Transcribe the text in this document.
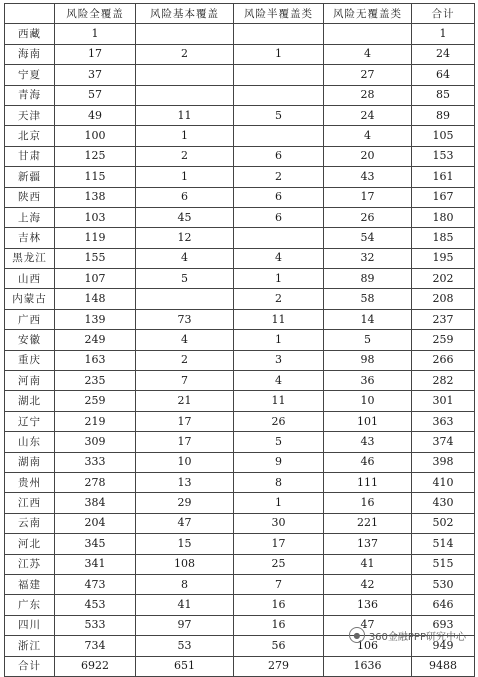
	风险全覆盖	风险基本覆盖	风险半覆盖类	风险无覆盖类	合计
西藏	1				1
海南	17	2	1	4	24
宁夏	37			27	64
青海	57			28	85
天津	49	11	5	24	89
北京	100	1		4	105
甘肃	125	2	6	20	153
新疆	115	1	2	43	161
陕西	138	6	6	17	167
上海	103	45	6	26	180
吉林	119	12		54	185
黑龙江	155	4	4	32	195
山西	107	5	1	89	202
内蒙古	148		2	58	208
广西	139	73	11	14	237
安徽	249	4	1	5	259
重庆	163	2	3	98	266
河南	235	7	4	36	282
湖北	259	21	11	10	301
辽宁	219	17	26	101	363
山东	309	17	5	43	374
湖南	333	10	9	46	398
贵州	278	13	8	111	410
江西	384	29	1	16	430
云南	204	47	30	221	502
河北	345	15	17	137	514
江苏	341	108	25	41	515
福建	473	8	7	42	530
广东	453	41	16	136	646
四川	533	97	16	47	693
浙江	734	53	56	106	949
合计	6922	651	279	1636	9488
● 360金融PPP研究中心
